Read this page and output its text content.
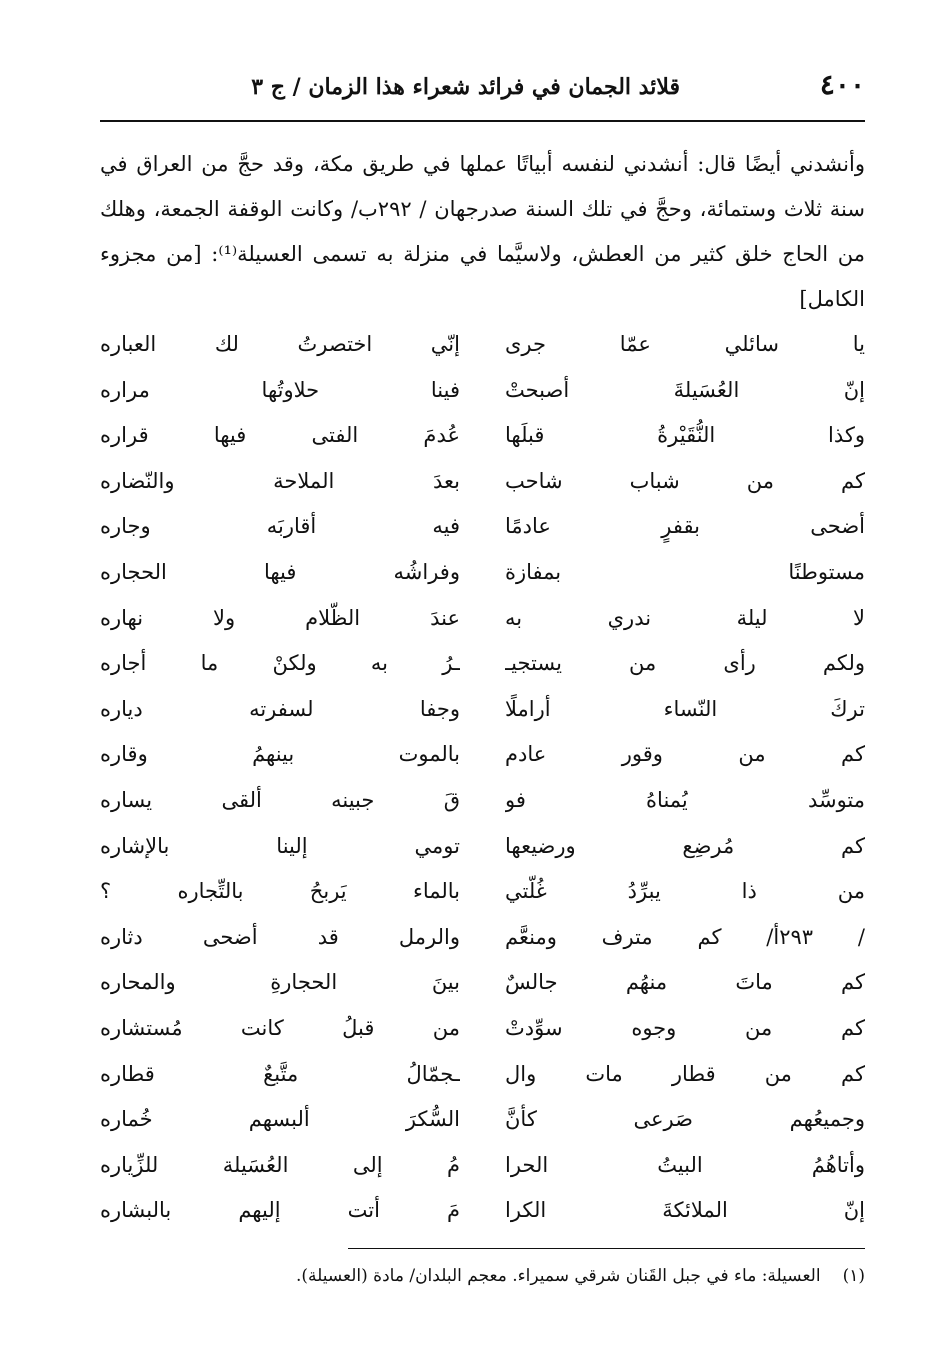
٤٠٠
قلائد الجمان في فرائد شعراء هذا الزمان / ج ٣
وأنشدني أيضًا قال: أنشدني لنفسه أبياتًا عملها في طريق مكة، وقد حجَّ من العراق في سنة ثلاث وستمائة، وحجَّ في تلك السنة صدرجهان / ٢٩٢ب/ وكانت الوقفة الجمعة، وهلك من الحاج خلق كثير من العطش، ولاسيَّما في منزلة به تسمى العسيلة⁽¹⁾: [من مجزوء الكامل]
يا سائلي عمّا جرى
إنّي اختصرتُ لك العباره
إنّ العُسَيلةَ أصبحتْ
فينا حلاوتُها مراره
وكذا النُّقَيْرةُ قبلَها
عُدمَ الفتى فيها قراره
كم من شباب شاحب
بعدَ الملاحة والنّضاره
أضحى بقفرٍ عادمًا
فيه أقاربَه وجاره
مستوطنًا بمفازة
وفراشُه فيها الحجاره
لا ليلة ندري به
عندَ الظّلام ولا نهاره
ولكم رأى من يستجيـ
ـرُ به ولكنْ ما أجاره
تركَ النّساء أراملًا
وجفا لسفرته دياره
كم من وقور عادم
بالموت بينهمُ وقاره
متوسِّد يُمناهُ فو
قَ جبينه ألقى يساره
كم مُرضِع ورضيعها
تومي إلينا بالإشاره
من ذا يبرِّدُ غُلّتي
بالماء يَربحُ بالتِّجاره ؟
/ ٢٩٣أ/ كم مترف ومنعَّم
والرمل قد أضحى دثاره
كم ماتَ منهُم جالسٌ
بينَ الحجارةِ والمحاره
كم من وجوه سوِّدتْ
من قبلُ كانت مُستشاره
كم من قطار مات وال
ـجمّالُ متَّبعٌ قطاره
وجميعُهم صَرعى كأنَّ
السُّكرَ ألبسهم خُماره
وأتاهُمُ البيتُ الحرا
مُ إلى العُسَيلة للزِّياره
إنّ الملائكةَ الكرا
مَ أتت إليهم بالبشاره
(١)العسيلة: ماء في جبل القَنان شرقي سميراء. معجم البلدان/ مادة (العسيلة).
